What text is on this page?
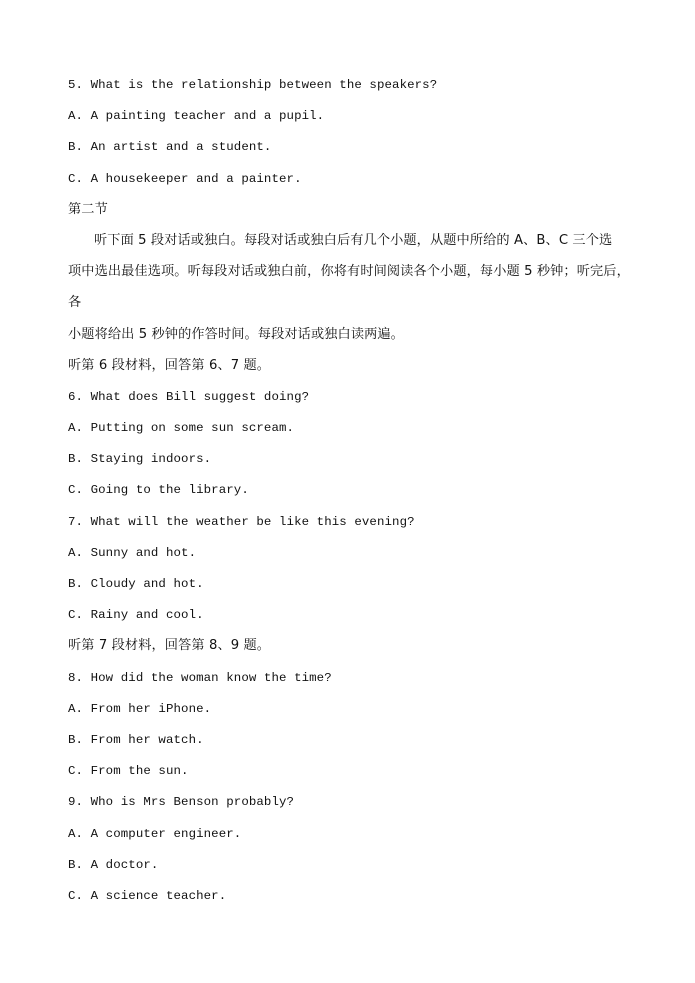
5. What is the relationship between the speakers?
A. A painting teacher and a pupil.
B. An artist and a student.
C. A housekeeper and a painter.
第二节
听下面 5 段对话或独白。每段对话或独白后有几个小题，从题中所给的 A、B、C 三个选
项中选出最佳选项。听每段对话或独白前，你将有时间阅读各个小题，每小题 5 秒钟；听完后，
各
小题将给出 5 秒钟的作答时间。每段对话或独白读两遍。
听第 6 段材料，回答第 6、7 题。
6. What does Bill suggest doing?
A. Putting on some sun scream.
B. Staying indoors.
C. Going to the library.
7. What will the weather be like this evening?
A. Sunny and hot.
B. Cloudy and hot.
C. Rainy and cool.
听第 7 段材料，回答第 8、9 题。
8. How did the woman know the time?
A. From her iPhone.
B. From her watch.
C. From the sun.
9. Who is Mrs Benson probably?
A. A computer engineer.
B. A doctor.
C. A science teacher.
